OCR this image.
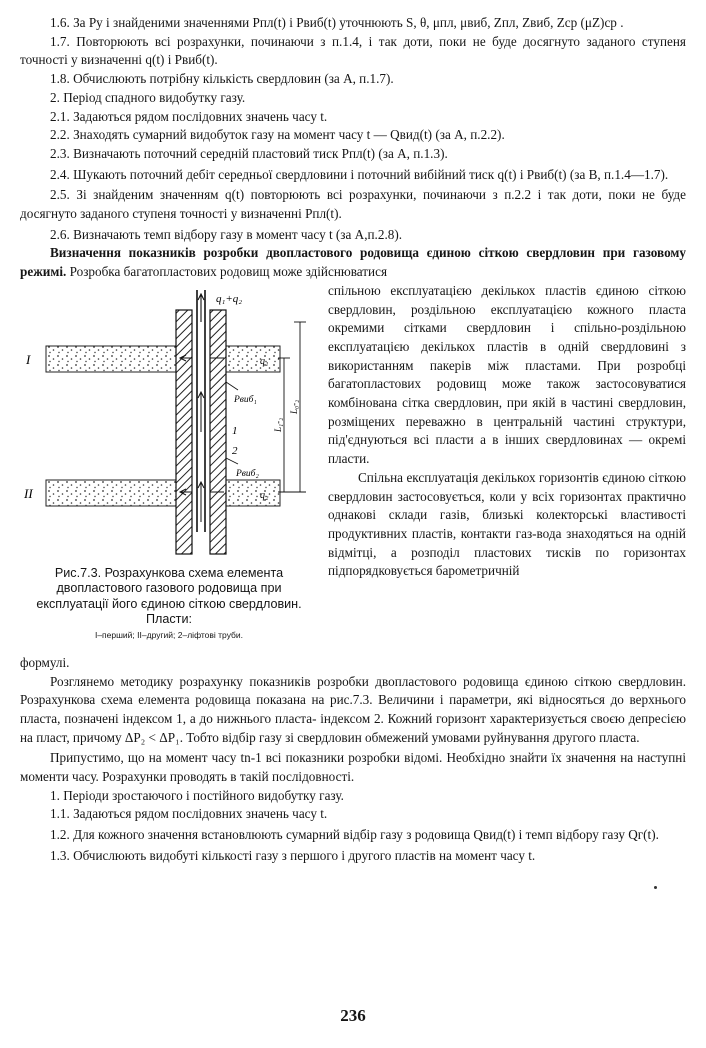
1.6. За Pу і знайденими значеннями Pпл(t) і Pвиб(t) уточнюють S, θ, μпл, μвиб, Zпл, Zвиб, Zср (μZ)ср .

1.7. Повторюють всі розрахунки, починаючи з п.1.4, і так доти, поки не буде досягнуто заданого ступеня точності у визначенні q(t) і Pвиб(t).

1.8. Обчислюють потрібну кількість свердловин (за А, п.1.7).

2. Період спадного видобутку газу.

2.1. Задаються рядом послідовних значень часу t.

2.2. Знаходять сумарний видобуток газу на момент часу t — Qвид(t) (за А, п.2.2).

2.3. Визначають поточний середній пластовий тиск Pпл(t) (за А, п.1.3).

2.4. Шукають поточний дебіт середньої свердловини і поточний вибійний тиск q(t) і Pвиб(t) (за В, п.1.4—1.7).

2.5. Зі знайденим значенням q(t) повторюють всі розрахунки, починаючи з п.2.2 і так доти, поки не буде досягнуто заданого ступеня точності у визначенні Pпл(t).

2.6. Визначають темп відбору газу в момент часу t (за А,п.2.8).

Визначення показників розробки двопластового родовища єдиною сіткою свердловин при газовому режимі. Розробка багатопластових родовищ може здійснюватися

q₁+q₂
I
II
q₁
q₂
Pвиб₁
Pвиб₂
1
2
L₁-₂
L₀-₂
Рис.7.3. Розрахункова схема елемента двопластового газового родовища при експлуатації його єдиною сіткою свердловин. Пласти:
I–перший; II–другий; 2–ліфтові труби.

спільною експлуатацією декількох пластів єдиною сіткою свердловин, роздільною експлуатацією кожного пласта окремими сітками свердловин і спільно-роздільною експлуатацією декількох пластів в одній свердловині з використанням пакерів між пластами. При розробці багатопластових родовищ може також застосовуватися комбінована сітка свердловин, при якій в частині свердловин, розміщених переважно в центральній частині структури, під'єднуються всі пласти а в інших свердловинах — окремі пласти.

Спільна експлуатація декількох горизонтів єдиною сіткою свердловин застосовується, коли у всіх горизонтах практично однакові склади газів, близькі колекторські властивості продуктивних пластів, контакти газ-вода знаходяться на одній відмітці, а розподіл пластових тисків по горизонтах підпорядковується барометричній

формулі.

Розглянемо методику розрахунку показників розробки двопластового родовища єдиною сіткою свердловин. Розрахункова схема елемента родовища показана на рис.7.3. Величини і параметри, які відносяться до верхнього пласта, позначені індексом 1, а до нижнього пласта- індексом 2. Кожний горизонт характеризується своєю депресією на пласт, причому ΔP₂ < ΔP₁. Тобто відбір газу зі свердловин обмежений умовами руйнування другого пласта.

Припустимо, що на момент часу tn-1 всі показники розробки відомі. Необхідно знайти їх значення на наступні моменти часу. Розрахунки проводять в такій послідовності.

1. Періоди зростаючого і постійного видобутку газу.

1.1. Задаються рядом послідовних значень часу t.

1.2. Для кожного значення встановлюють сумарний відбір газу з родовища Qвид(t) і темп відбору газу Qг(t).

1.3. Обчислюють видобуті кількості газу з першого і другого пластів на момент часу t.

236
